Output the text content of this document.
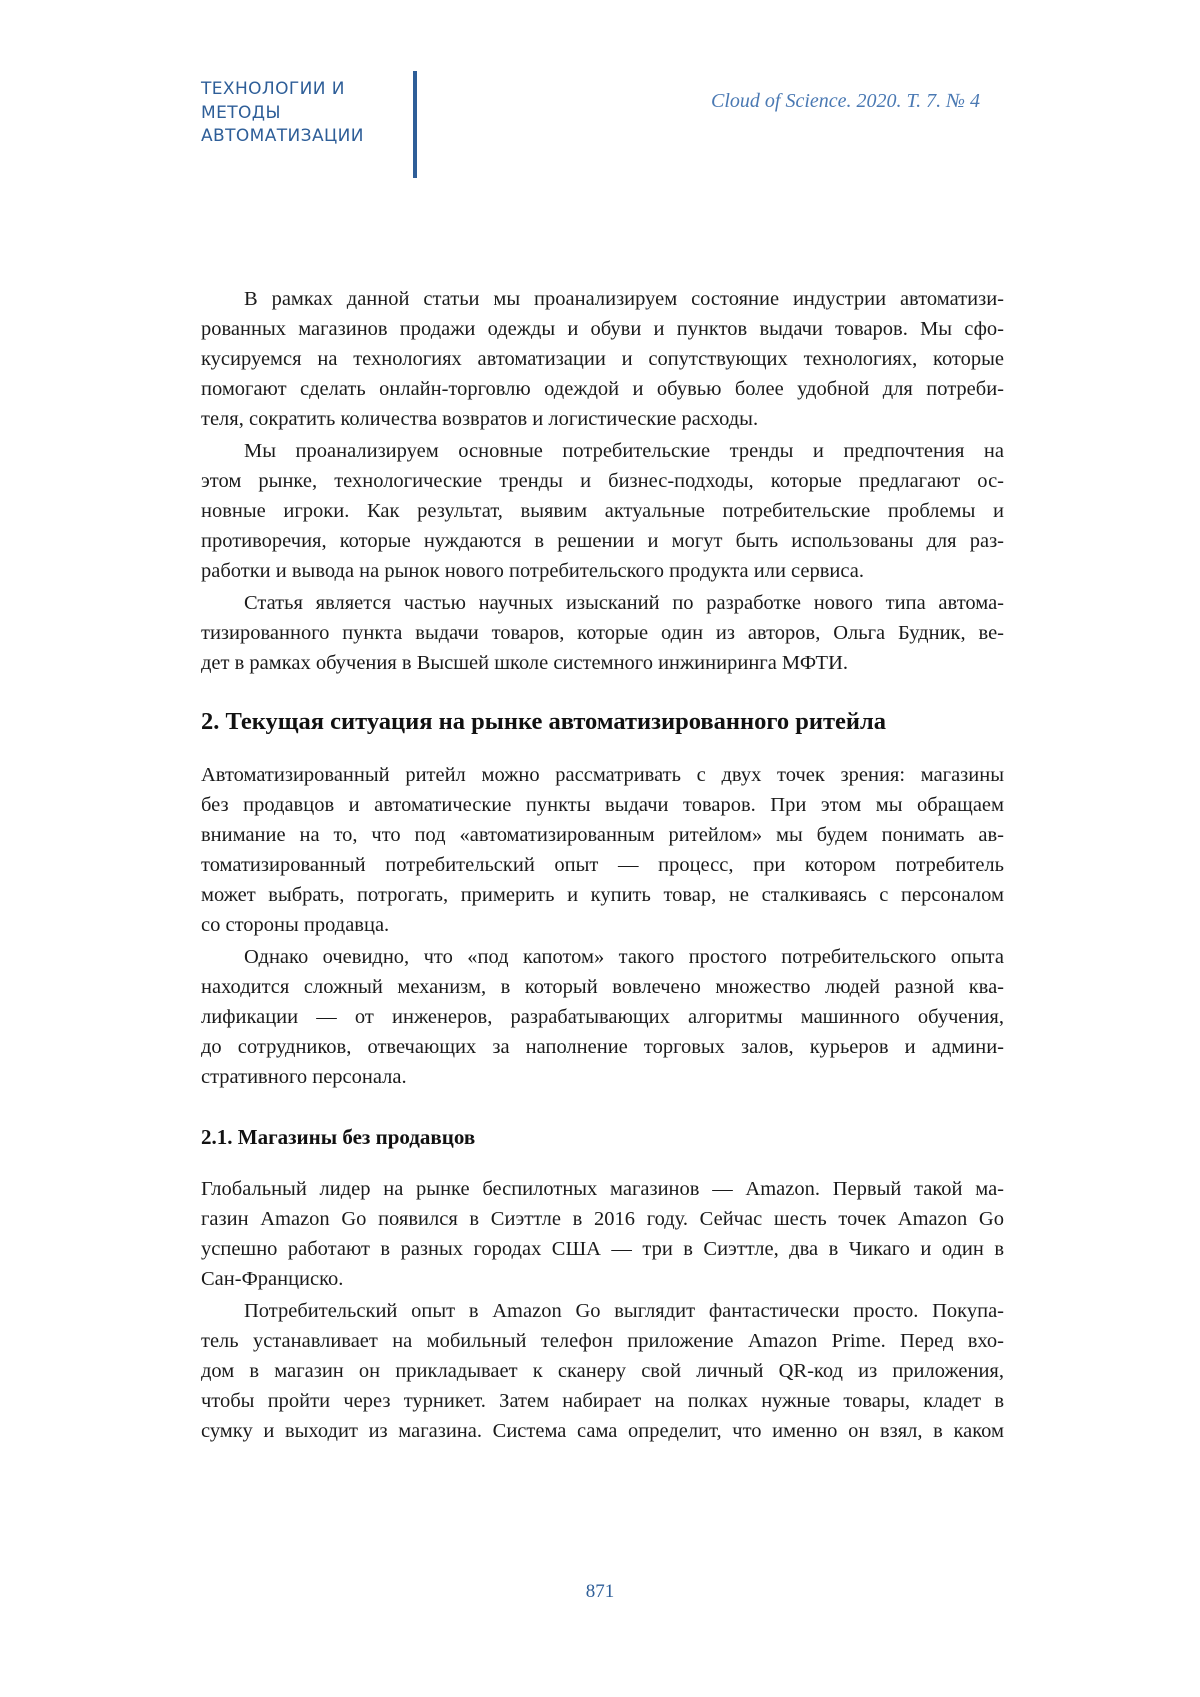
ТЕХНОЛОГИИ И
МЕТОДЫ
АВТОМАТИЗАЦИИ
Cloud of Science. 2020. T. 7. № 4
В рамках данной статьи мы проанализируем состояние индустрии автоматизи-
рованных магазинов продажи одежды и обуви и пунктов выдачи товаров. Мы сфо-
кусируемся на технологиях автоматизации и сопутствующих технологиях, которые
помогают сделать онлайн-торговлю одеждой и обувью более удобной для потреби-
теля, сократить количества возвратов и логистические расходы.
Мы проанализируем основные потребительские тренды и предпочтения на
этом рынке, технологические тренды и бизнес-подходы, которые предлагают ос-
новные игроки. Как результат, выявим актуальные потребительские проблемы и
противоречия, которые нуждаются в решении и могут быть использованы для раз-
работки и вывода на рынок нового потребительского продукта или сервиса.
Статья является частью научных изысканий по разработке нового типа автома-
тизированного пункта выдачи товаров, которые один из авторов, Ольга Будник, ве-
дет в рамках обучения в Высшей школе системного инжиниринга МФТИ.
2. Текущая ситуация на рынке автоматизированного ритейла
Автоматизированный ритейл можно рассматривать с двух точек зрения: магазины
без продавцов и автоматические пункты выдачи товаров. При этом мы обращаем
внимание на то, что под «автоматизированным ритейлом» мы будем понимать ав-
томатизированный потребительский опыт — процесс, при котором потребитель
может выбрать, потрогать, примерить и купить товар, не сталкиваясь с персоналом
со стороны продавца.
Однако очевидно, что «под капотом» такого простого потребительского опыта
находится сложный механизм, в который вовлечено множество людей разной ква-
лификации — от инженеров, разрабатывающих алгоритмы машинного обучения,
до сотрудников, отвечающих за наполнение торговых залов, курьеров и админи-
стративного персонала.
2.1. Магазины без продавцов
Глобальный лидер на рынке беспилотных магазинов — Amazon. Первый такой ма-
газин Amazon Go появился в Сиэттле в 2016 году. Сейчас шесть точек Amazon Go
успешно работают в разных городах США — три в Сиэттле, два в Чикаго и один в
Сан-Франциско.
Потребительский опыт в Amazon Go выглядит фантастически просто. Покупа-
тель устанавливает на мобильный телефон приложение Amazon Prime. Перед вхо-
дом в магазин он прикладывает к сканеру свой личный QR-код из приложения,
чтобы пройти через турникет. Затем набирает на полках нужные товары, кладет в
сумку и выходит из магазина. Система сама определит, что именно он взял, в каком
871
